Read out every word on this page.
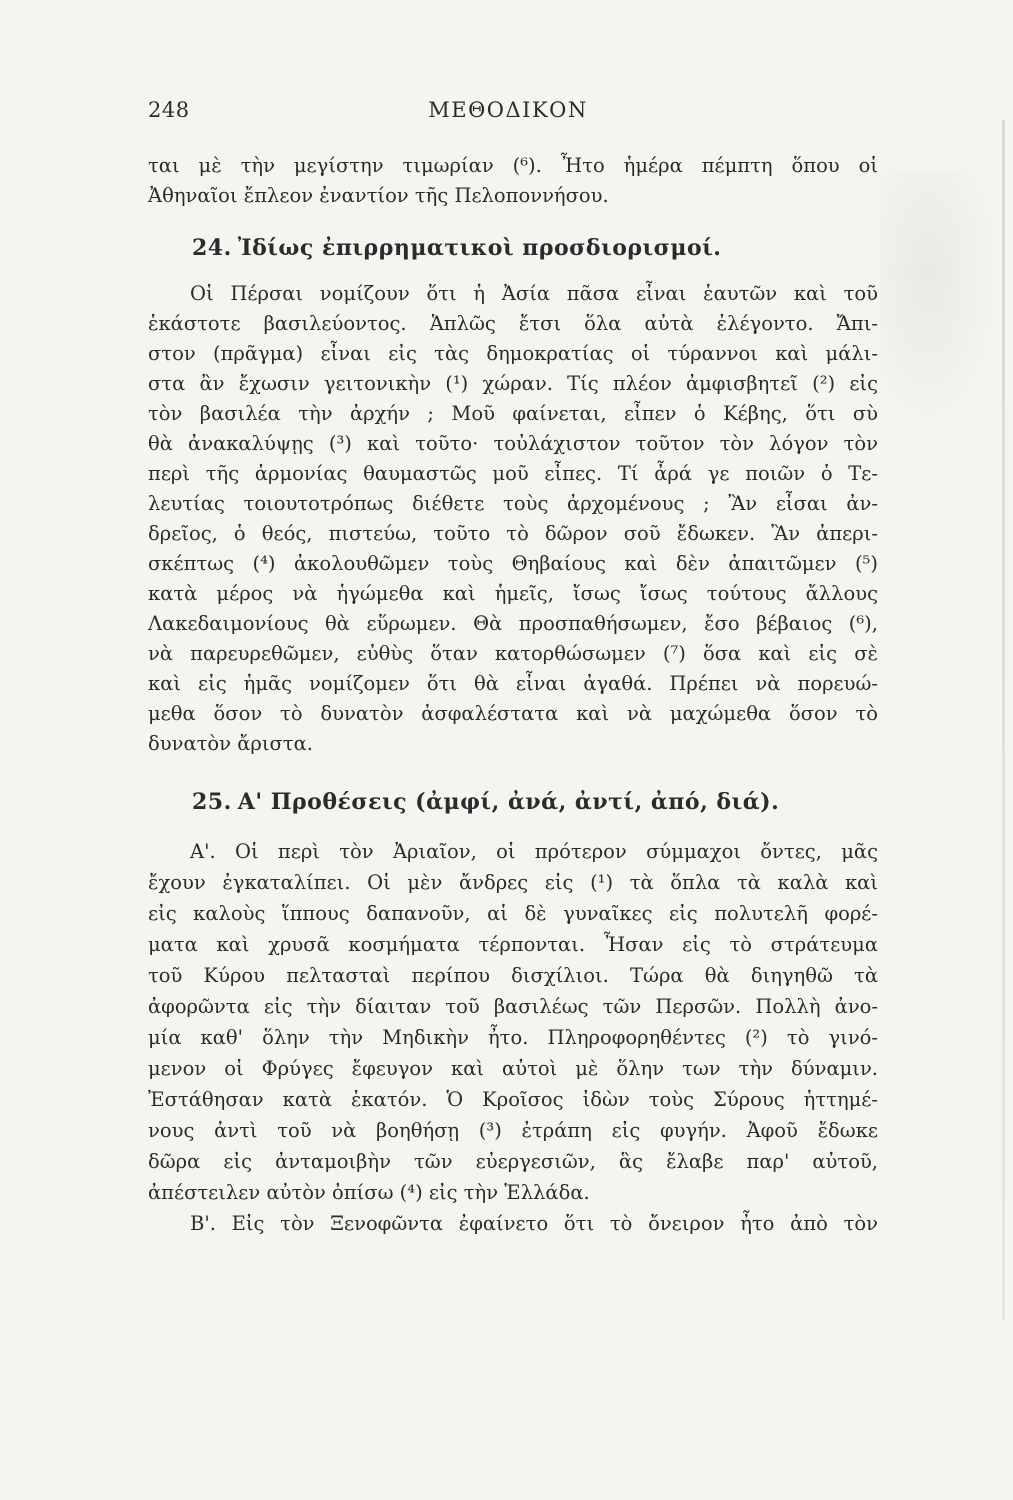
248	ΜΕΘΟΔΙΚΟΝ
ται μὲ τὴν μεγίστην τιμωρίαν (⁶). Ἦτο ἡμέρα πέμπτη ὅπου οἱ
Ἀθηναῖοι ἔπλεον ἐναντίον τῆς Πελοποννήσου.
24. Ἰδίως ἐπιρρηματικοὶ προσδιορισμοί.
Οἱ Πέρσαι νομίζουν ὅτι ἡ Ἀσία πᾶσα εἶναι ἑαυτῶν καὶ τοῦ
ἑκάστοτε βασιλεύοντος. Ἁπλῶς ἔτσι ὅλα αὐτὰ ἐλέγοντο. Ἄπι-
στον (πρᾶγμα) εἶναι εἰς τὰς δημοκρατίας οἱ τύραννοι καὶ μάλι-
στα ἂν ἔχωσιν γειτονικὴν (¹) χώραν. Τίς πλέον ἀμφισβητεῖ (²) εἰς
τὸν βασιλέα τὴν ἀρχήν ; Μοῦ φαίνεται, εἶπεν ὁ Κέβης, ὅτι σὺ
θὰ ἀνακαλύψῃς (³) καὶ τοῦτο· τοὐλάχιστον τοῦτον τὸν λόγον τὸν
περὶ τῆς ἁρμονίας θαυμαστῶς μοῦ εἶπες. Τί ἆρά γε ποιῶν ὁ Τε-
λευτίας τοιουτοτρόπως διέθετε τοὺς ἀρχομένους ; Ἂν εἶσαι ἀν-
δρεῖος, ὁ θεός, πιστεύω, τοῦτο τὸ δῶρον σοῦ ἔδωκεν. Ἂν ἀπερι-
σκέπτως (⁴) ἀκολουθῶμεν τοὺς Θηβαίους καὶ δὲν ἀπαιτῶμεν (⁵)
κατὰ μέρος νὰ ἡγώμεθα καὶ ἡμεῖς, ἴσως ἴσως τούτους ἄλλους
Λακεδαιμονίους θὰ εὕρωμεν. Θὰ προσπαθήσωμεν, ἔσο βέβαιος (⁶),
νὰ παρευρεθῶμεν, εὐθὺς ὅταν κατορθώσωμεν (⁷) ὅσα καὶ εἰς σὲ
καὶ εἰς ἡμᾶς νομίζομεν ὅτι θὰ εἶναι ἀγαθά. Πρέπει νὰ πορευώ-
μεθα ὅσον τὸ δυνατὸν ἀσφαλέστατα καὶ νὰ μαχώμεθα ὅσον τὸ
δυνατὸν ἄριστα.
25. Α' Προθέσεις (ἀμφί, ἀνά, ἀντί, ἀπό, διά).
Α'. Οἱ περὶ τὸν Ἀριαῖον, οἱ πρότερον σύμμαχοι ὄντες, μᾶς
ἔχουν ἐγκαταλίπει. Οἱ μὲν ἄνδρες εἰς (¹) τὰ ὅπλα τὰ καλὰ καὶ
εἰς καλοὺς ἵππους δαπανοῦν, αἱ δὲ γυναῖκες εἰς πολυτελῆ φορέ-
ματα καὶ χρυσᾶ κοσμήματα τέρπονται. Ἦσαν εἰς τὸ στράτευμα
τοῦ Κύρου πελτασταὶ περίπου δισχίλιοι. Τώρα θὰ διηγηθῶ τὰ
ἀφορῶντα εἰς τὴν δίαιταν τοῦ βασιλέως τῶν Περσῶν. Πολλὴ ἀνο-
μία καθ' ὅλην τὴν Μηδικὴν ἦτο. Πληροφορηθέντες (²) τὸ γινό-
μενον οἱ Φρύγες ἔφευγον καὶ αὐτοὶ μὲ ὅλην των τὴν δύναμιν.
Ἐστάθησαν κατὰ ἑκατόν. Ὁ Κροῖσος ἰδὼν τοὺς Σύρους ἡττημέ-
νους ἀντὶ τοῦ νὰ βοηθήσῃ (³) ἐτράπη εἰς φυγήν. Ἀφοῦ ἔδωκε
δῶρα εἰς ἀνταμοιβὴν τῶν εὐεργεσιῶν, ἃς ἔλαβε παρ' αὐτοῦ,
ἀπέστειλεν αὐτὸν ὀπίσω (⁴) εἰς τὴν Ἑλλάδα.
Β'. Εἰς τὸν Ξενοφῶντα ἐφαίνετο ὅτι τὸ ὄνειρον ἦτο ἀπὸ τὸν
